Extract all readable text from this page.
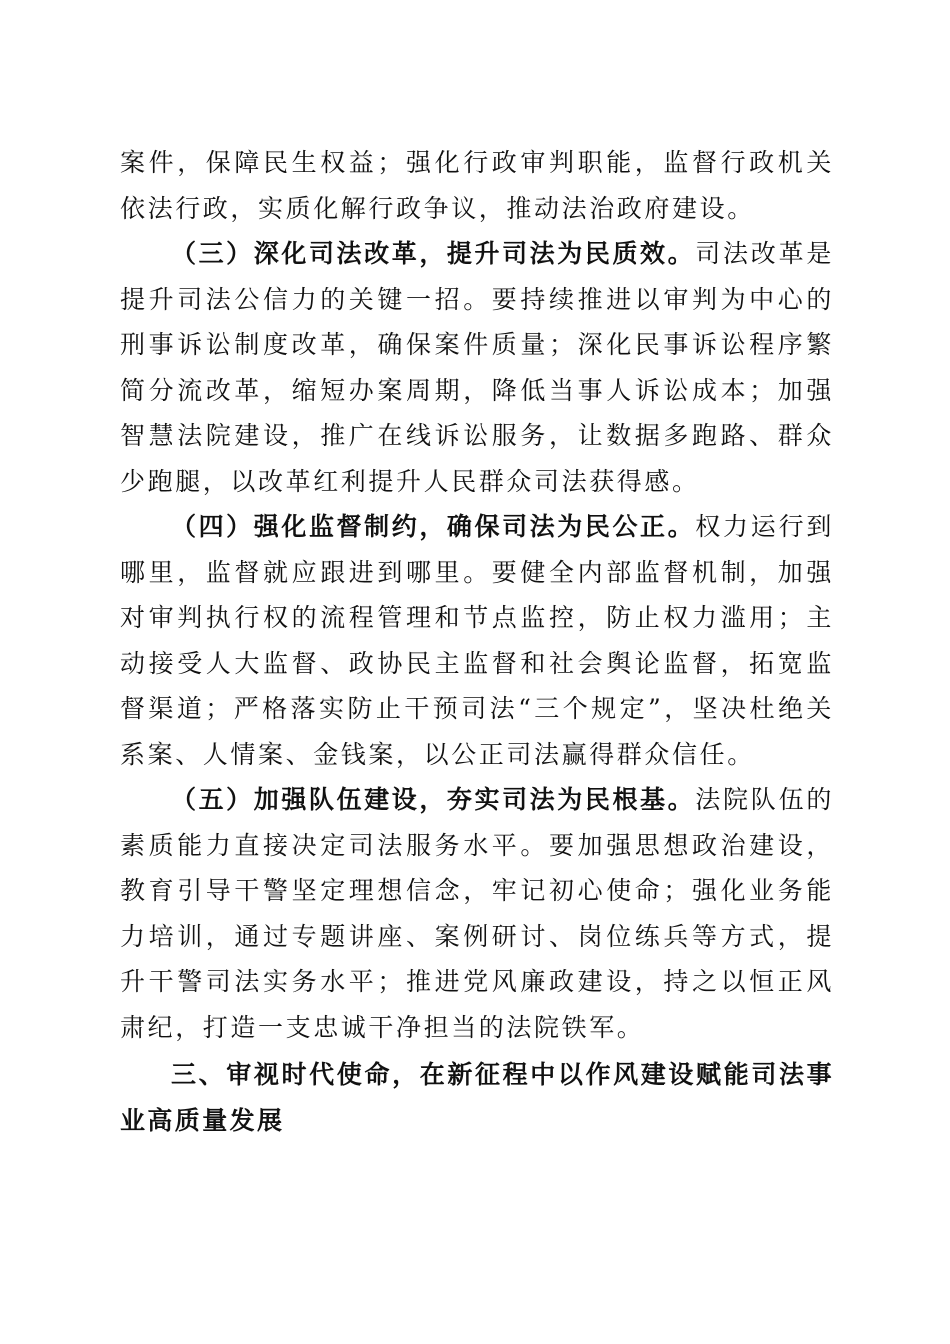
案件，保障民生权益；强化行政审判职能，监督行政机关依法行政，实质化解行政争议，推动法治政府建设。

（三）深化司法改革，提升司法为民质效。司法改革是提升司法公信力的关键一招。要持续推进以审判为中心的刑事诉讼制度改革，确保案件质量；深化民事诉讼程序繁简分流改革，缩短办案周期，降低当事人诉讼成本；加强智慧法院建设，推广在线诉讼服务，让数据多跑路、群众少跑腿，以改革红利提升人民群众司法获得感。

（四）强化监督制约，确保司法为民公正。权力运行到哪里，监督就应跟进到哪里。要健全内部监督机制，加强对审判执行权的流程管理和节点监控，防止权力滥用；主动接受人大监督、政协民主监督和社会舆论监督，拓宽监督渠道；严格落实防止干预司法“三个规定”，坚决杜绝关系案、人情案、金钱案，以公正司法赢得群众信任。

（五）加强队伍建设，夯实司法为民根基。法院队伍的素质能力直接决定司法服务水平。要加强思想政治建设，教育引导干警坚定理想信念，牢记初心使命；强化业务能力培训，通过专题讲座、案例研讨、岗位练兵等方式，提升干警司法实务水平；推进党风廉政建设，持之以恒正风肃纪，打造一支忠诚干净担当的法院铁军。

三、审视时代使命，在新征程中以作风建设赋能司法事业高质量发展
